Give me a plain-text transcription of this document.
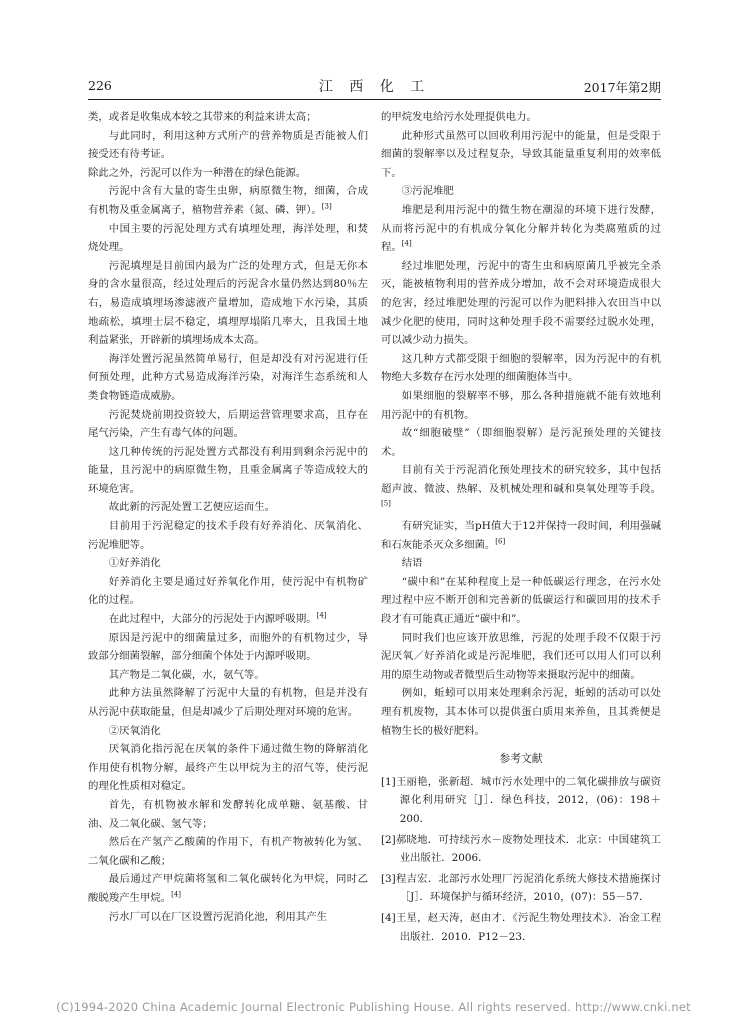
226	江 西 化 工	2017年第2期

类，或者是收集成本较之其带来的利益来讲太高；

与此同时，利用这种方式所产的营养物质是否能被人们接受还有待考证。

除此之外，污泥可以作为一种潜在的绿色能源。

污泥中含有大量的寄生虫卵，病原微生物，细菌，合成有机物及重金属离子，植物营养素（氮、磷、钾）。[3]

中国主要的污泥处理方式有填埋处理，海洋处理，和焚烧处理。

污泥填埋是目前国内最为广泛的处理方式，但是无你本身的含水量很高，经过处理后的污泥含水量仍然达到80％左右，易造成填埋场渗滤液产量增加，造成地下水污染，其质地疏松，填埋士层不稳定，填埋厚塌陷几率大，且我国土地利益紧张，开辟新的填埋场成本太高。

海洋处置污泥虽然简单易行，但是却没有对污泥进行任何预处理，此种方式易造成海洋污染，对海洋生态系统和人类食物链造成威胁。

污泥焚烧前期投资较大，后期运营管理要求高，且存在尾气污染，产生有毒气体的问题。

这几种传统的污泥处置方式都没有利用到剩余污泥中的能量，且污泥中的病原微生物，且重金属离子等造成较大的环境危害。

故此新的污泥处置工艺便应运而生。

目前用于污泥稳定的技术手段有好养消化、厌氧消化、污泥堆肥等。

①好养消化

好养消化主要是通过好养氧化作用，使污泥中有机物矿化的过程。

在此过程中，大部分的污泥处于内源呼吸期。[4]

原因是污泥中的细菌量过多，而胞外的有机物过少，导致部分细菌裂解，部分细菌个体处于内源呼吸期。

其产物是二氧化碳，水，氨气等。

此种方法虽然降解了污泥中大量的有机物，但是并没有从污泥中获取能量，但是却减少了后期处理对环境的危害。

②厌氧消化

厌氧消化指污泥在厌氧的条件下通过微生物的降解消化作用使有机物分解，最终产生以甲烷为主的沼气等，使污泥的理化性质相对稳定。

首先，有机物被水解和发酵转化成单糖、氨基酸、甘油、及二氧化碳、氢气等；

然后在产氢产乙酸菌的作用下，有机产物被转化为氢、二氧化碳和乙酸；

最后通过产甲烷菌将氢和二氧化碳转化为甲烷，同时乙酸脱羧产生甲烷。[4]

污水厂可以在厂区设置污泥消化池，利用其产生

的甲烷发电给污水处理提供电力。

此种形式虽然可以回收利用污泥中的能量，但是受限于细菌的裂解率以及过程复杂，导致其能量重复利用的效率低下。

③污泥堆肥

堆肥是利用污泥中的微生物在潮湿的环境下进行发酵，从而将污泥中的有机成分氧化分解并转化为类腐殖质的过程。[4]

经过堆肥处理，污泥中的寄生虫和病原菌几乎被完全杀灭，能被植物利用的营养成分增加，故不会对环境造成很大的危害，经过堆肥处理的污泥可以作为肥料排入农田当中以减少化肥的使用，同时这种处理手段不需要经过脱水处理，可以减少动力损失。

这几种方式都受限于细胞的裂解率，因为污泥中的有机物绝大多数存在污水处理的细菌胞体当中。

如果细胞的裂解率不够，那么各种措施就不能有效地利用污泥中的有机物。

故“细胞破壁”（即细胞裂解）是污泥预处理的关键技术。

目前有关于污泥消化预处理技术的研究较多，其中包括超声波、微波、热解、及机械处理和碱和臭氧处理等手段。[5]

有研究证实，当pH值大于12并保持一段时间，利用强碱和石灰能杀灭众多细菌。[6]

结语

“碳中和”在某种程度上是一种低碳运行理念，在污水处理过程中应不断开创和完善新的低碳运行和碳回用的技术手段才有可能真正通近“碳中和”。

同时我们也应该开放思维，污泥的处理手段不仅限于污泥厌氧／好养消化或是污泥堆肥，我们还可以用人们可以利用的原生动物或者微型后生动物等来摄取污泥中的细菌。

例如，蚯蚓可以用来处理剩余污泥，蚯蚓的活动可以处理有机废物，其本体可以提供蛋白质用来养鱼，且其粪便是植物生长的极好肥料。

参考文献

[1]王丽艳，张新超．城市污水处理中的二氧化碳排放与碳资源化利用研究［J］．绿色科技，2012，(06)：198＋200．

[2]郝晓地．可持续污水－废物处理技术．北京：中国建筑工业出版社．2006．

[3]程吉宏．北部污水处理厂污泥消化系统大修技术措施探讨［J］．环境保护与循环经济，2010，(07)：55－57．

[4]王星，赵天涛，赵由才．《污泥生物处理技术》．冶金工程出版社．2010．P12－23．

(C)1994-2020 China Academic Journal Electronic Publishing House. All rights reserved. http://www.cnki.net
